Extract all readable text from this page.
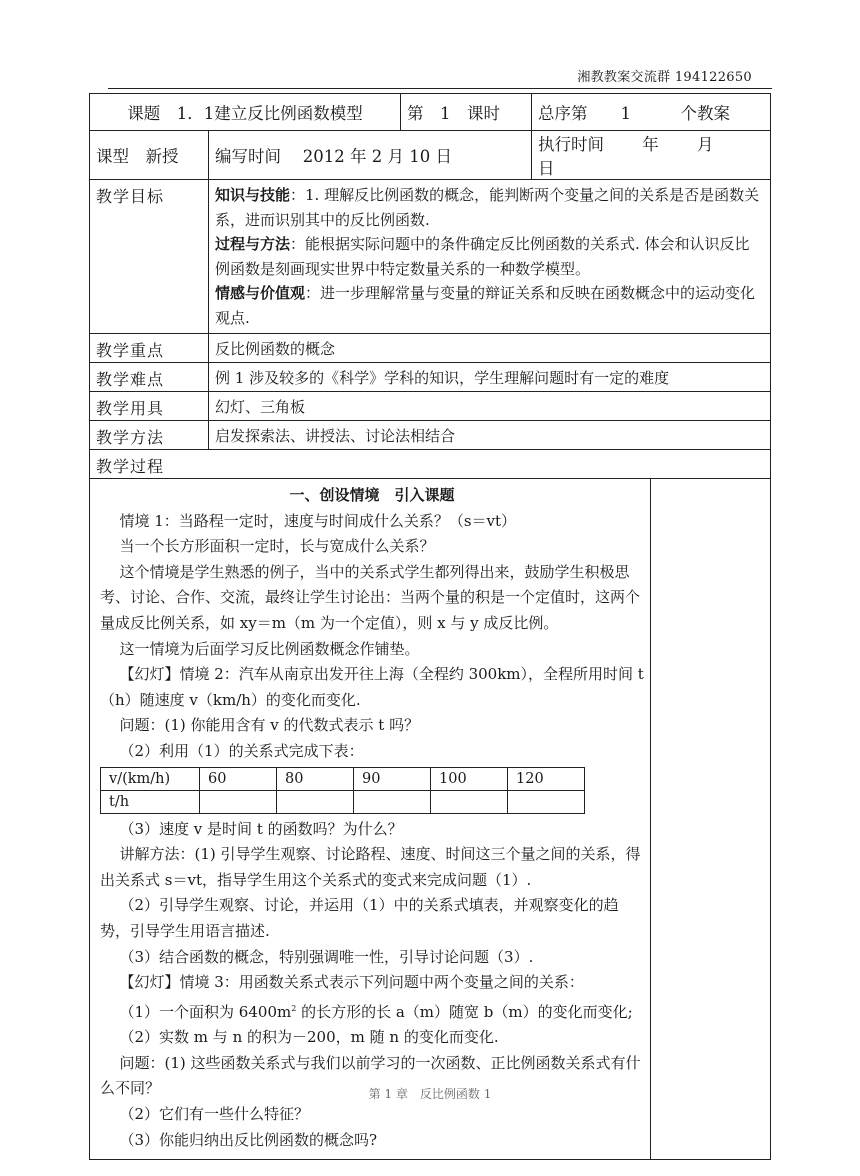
湘教教案交流群 194122650
课题　1．1建立反比例函数模型	第　1　课时	总序第　　1　　　个教案
课型　新授	编写时间　 2012 年 2 月 10 日	执行时间　　 年　　 月　　 日
教学目标	知识与技能：1. 理解反比例函数的概念，能判断两个变量之间的关系是否是函数关系，进而识别其中的反比例函数.
过程与方法：能根据实际问题中的条件确定反比例函数的关系式. 体会和认识反比例函数是刻画现实世界中特定数量关系的一种数学模型。
情感与价值观：进一步理解常量与变量的辩证关系和反映在函数概念中的运动变化观点.

教学重点	反比例函数的概念
教学难点	例 1 涉及较多的《科学》学科的知识，学生理解问题时有一定的难度
教学用具	幻灯、三角板
教学方法	启发探索法、讲授法、讨论法相结合
教学过程

一、创设情境　引入课题

情境 1：当路程一定时，速度与时间成什么关系？（s＝vt）

当一个长方形面积一定时，长与宽成什么关系？

这个情境是学生熟悉的例子，当中的关系式学生都列得出来，鼓励学生积极思考、讨论、合作、交流，最终让学生讨论出：当两个量的积是一个定值时，这两个量成反比例关系，如 xy＝m（m 为一个定值），则 x 与 y 成反比例。

这一情境为后面学习反比例函数概念作铺垫。

【幻灯】情境 2：汽车从南京出发开往上海（全程约 300km），全程所用时间 t（h）随速度 v（km/h）的变化而变化.

问题：(1) 你能用含有 v 的代数式表示 t 吗？

（2）利用（1）的关系式完成下表：

v/(km/h)	60	80	90	100	120
t/h					

（3）速度 v 是时间 t 的函数吗？为什么？

讲解方法：(1) 引导学生观察、讨论路程、速度、时间这三个量之间的关系，得出关系式 s＝vt，指导学生用这个关系式的变式来完成问题（1）.

（2）引导学生观察、讨论，并运用（1）中的关系式填表，并观察变化的趋势，引导学生用语言描述.

（3）结合函数的概念，特别强调唯一性，引导讨论问题（3）.

【幻灯】情境 3：用函数关系式表示下列问题中两个变量之间的关系：

（1）一个面积为 $6400m^2$ 的长方形的长 a（m）随宽 b（m）的变化而变化;

（2）实数 m 与 n 的积为－200，m 随 n 的变化而变化.

问题：(1) 这些函数关系式与我们以前学习的一次函数、正比例函数关系式有什么不同？

（2）它们有一些什么特征？

（3）你能归纳出反比例函数的概念吗?

第 1 章　反比例函数 1
